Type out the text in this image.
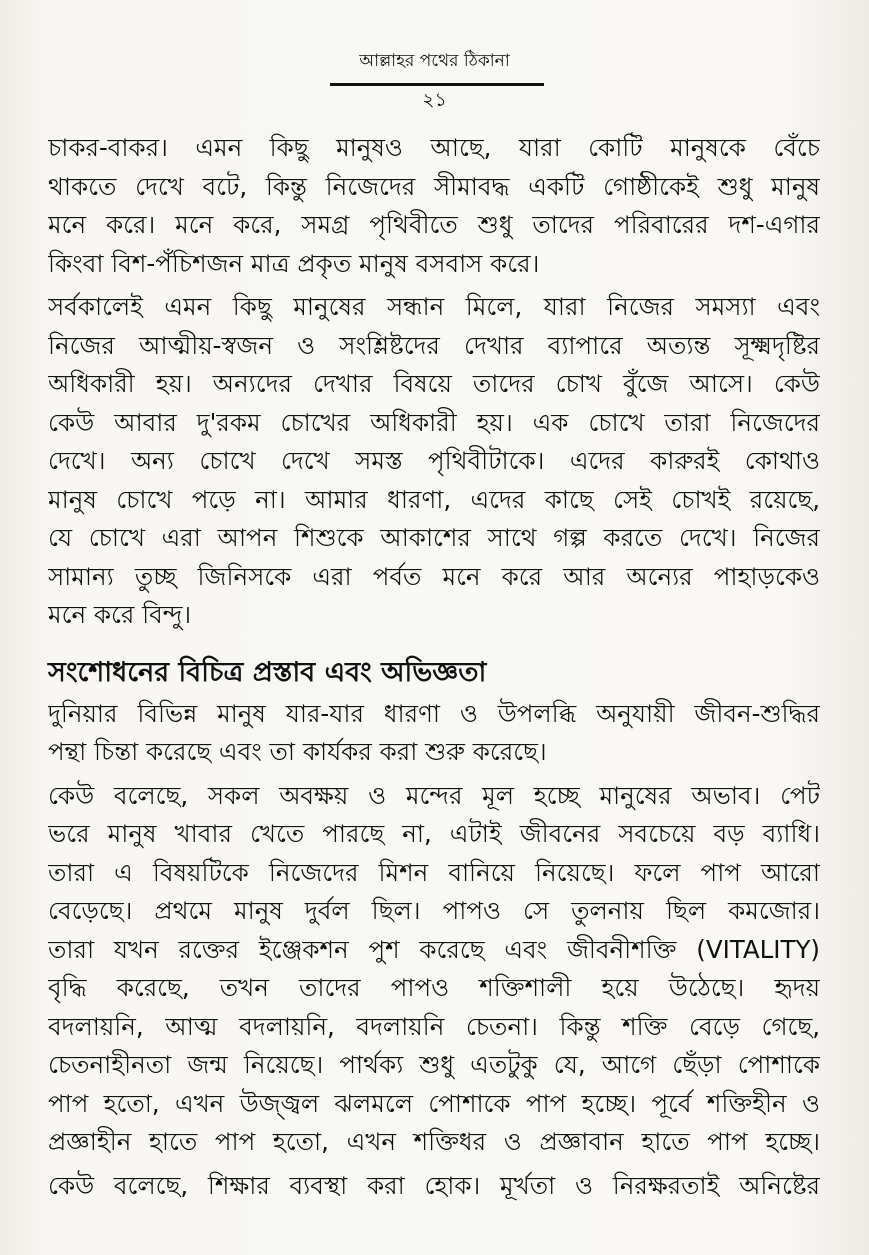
আল্লাহর পথের ঠিকানা
২১
চাকর-বাকর। এমন কিছু মানুষও আছে, যারা কোটি মানুষকে বেঁচে
থাকতে দেখে বটে, কিন্তু নিজেদের সীমাবদ্ধ একটি গোষ্ঠীকেই শুধু মানুষ
মনে করে। মনে করে, সমগ্র পৃথিবীতে শুধু তাদের পরিবারের দশ-এগার
কিংবা বিশ-পঁচিশজন মাত্র প্রকৃত মানুষ বসবাস করে।
সর্বকালেই এমন কিছু মানুষের সন্ধান মিলে, যারা নিজের সমস্যা এবং
নিজের আত্মীয়-স্বজন ও সংশ্লিষ্টদের দেখার ব্যাপারে অত্যন্ত সূক্ষ্মদৃষ্টির
অধিকারী হয়। অন্যদের দেখার বিষয়ে তাদের চোখ বুঁজে আসে। কেউ
কেউ আবার দু'রকম চোখের অধিকারী হয়। এক চোখে তারা নিজেদের
দেখে। অন্য চোখে দেখে সমস্ত পৃথিবীটাকে। এদের কারুরই কোথাও
মানুষ চোখে পড়ে না। আমার ধারণা, এদের কাছে সেই চোখই রয়েছে,
যে চোখে এরা আপন শিশুকে আকাশের সাথে গল্প করতে দেখে। নিজের
সামান্য তুচ্ছ জিনিসকে এরা পর্বত মনে করে আর অন্যের পাহাড়কেও
মনে করে বিন্দু।
সংশোধনের বিচিত্র প্রস্তাব এবং অভিজ্ঞতা
দুনিয়ার বিভিন্ন মানুষ যার-যার ধারণা ও উপলব্ধি অনুযায়ী জীবন-শুদ্ধির
পন্থা চিন্তা করেছে এবং তা কার্যকর করা শুরু করেছে।
কেউ বলেছে, সকল অবক্ষয় ও মন্দের মূল হচ্ছে মানুষের অভাব। পেট
ভরে মানুষ খাবার খেতে পারছে না, এটাই জীবনের সবচেয়ে বড় ব্যাধি।
তারা এ বিষয়টিকে নিজেদের মিশন বানিয়ে নিয়েছে। ফলে পাপ আরো
বেড়েছে। প্রথমে মানুষ দুর্বল ছিল। পাপও সে তুলনায় ছিল কমজোর।
তারা যখন রক্তের ইঞ্জেকশন পুশ করেছে এবং জীবনীশক্তি (VITALITY)
বৃদ্ধি করেছে, তখন তাদের পাপও শক্তিশালী হয়ে উঠেছে। হৃদয়
বদলায়নি, আত্ম বদলায়নি, বদলায়নি চেতনা। কিন্তু শক্তি বেড়ে গেছে,
চেতনাহীনতা জন্ম নিয়েছে। পার্থক্য শুধু এতটুকু যে, আগে ছেঁড়া পোশাকে
পাপ হতো, এখন উজ্জ্বল ঝলমলে পোশাকে পাপ হচ্ছে। পূর্বে শক্তিহীন ও
প্রজ্ঞাহীন হাতে পাপ হতো, এখন শক্তিধর ও প্রজ্ঞাবান হাতে পাপ হচ্ছে।
কেউ বলেছে, শিক্ষার ব্যবস্থা করা হোক। মূর্খতা ও নিরক্ষরতাই অনিষ্টের
